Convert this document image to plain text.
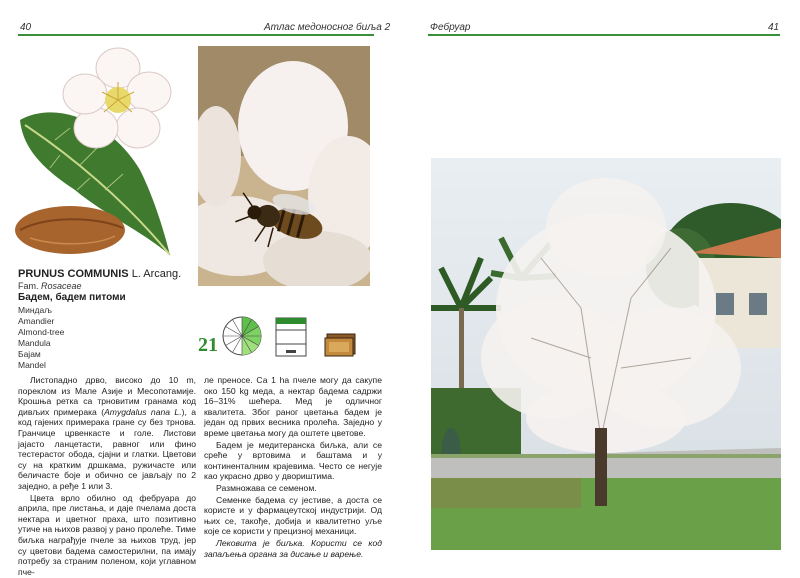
40	Атлас медоносног биља 2
PRUNUS COMMUNIS L. Arcang.
Fam. Rosaceae
Бадем, бадем питоми
Миндаљ
Amandier
Almond-tree
Mandula
Бајам
Mandel
21

Листопадно дрво, високо до 10 m, пореклом из Мале Азије и Месопотамије. Крошња ретка са трновитим гранама код дивљих примерака (Amygdalus nana L.), а код гајених примерака гране су без трнова. Гранчице црвенкасте и голе. Листови јајасто ланцетасти, равног или фино тестерастог обода, сјајни и глатки. Цветови су на кратким дршкама, ружичасте или беличасте боје и обично се јављају по 2 заједно, а ређе 1 или 3.

Цвета врло обилно од фебруара до априла, пре листања, и даје пчелама доста нектара и цветног праха, што позитивно утиче на њихов развој у рано пролеће. Тиме биљка награђује пчеле за њихов труд, јер су цветови бадема самостерилни, па имају потребу за страним поленом, који углавном пче-

ле преносе. Са 1 ha пчеле могу да сакупе око 150 kg меда, а нектар бадема садржи 16–31% шећера. Мед је одличног квалитета. Због раног цветања бадем је један од првих весника пролећа. Заједно у време цветања могу да оштете цветове.

Бадем је медитеранска биљка, али се среће у вртовима и баштама и у континенталним крајевима. Често се негује као украсно дрво у двориштима.

Размножава се семеном.

Семенке бадема су јестиве, а доста се користе и у фармацеутској индустрији. Од њих се, такође, добија и квалитетно уље које се користи у прецизној механици.

Лековита је биљка. Користи се код запаљења органа за дисање и варење.

Фебруар	41
